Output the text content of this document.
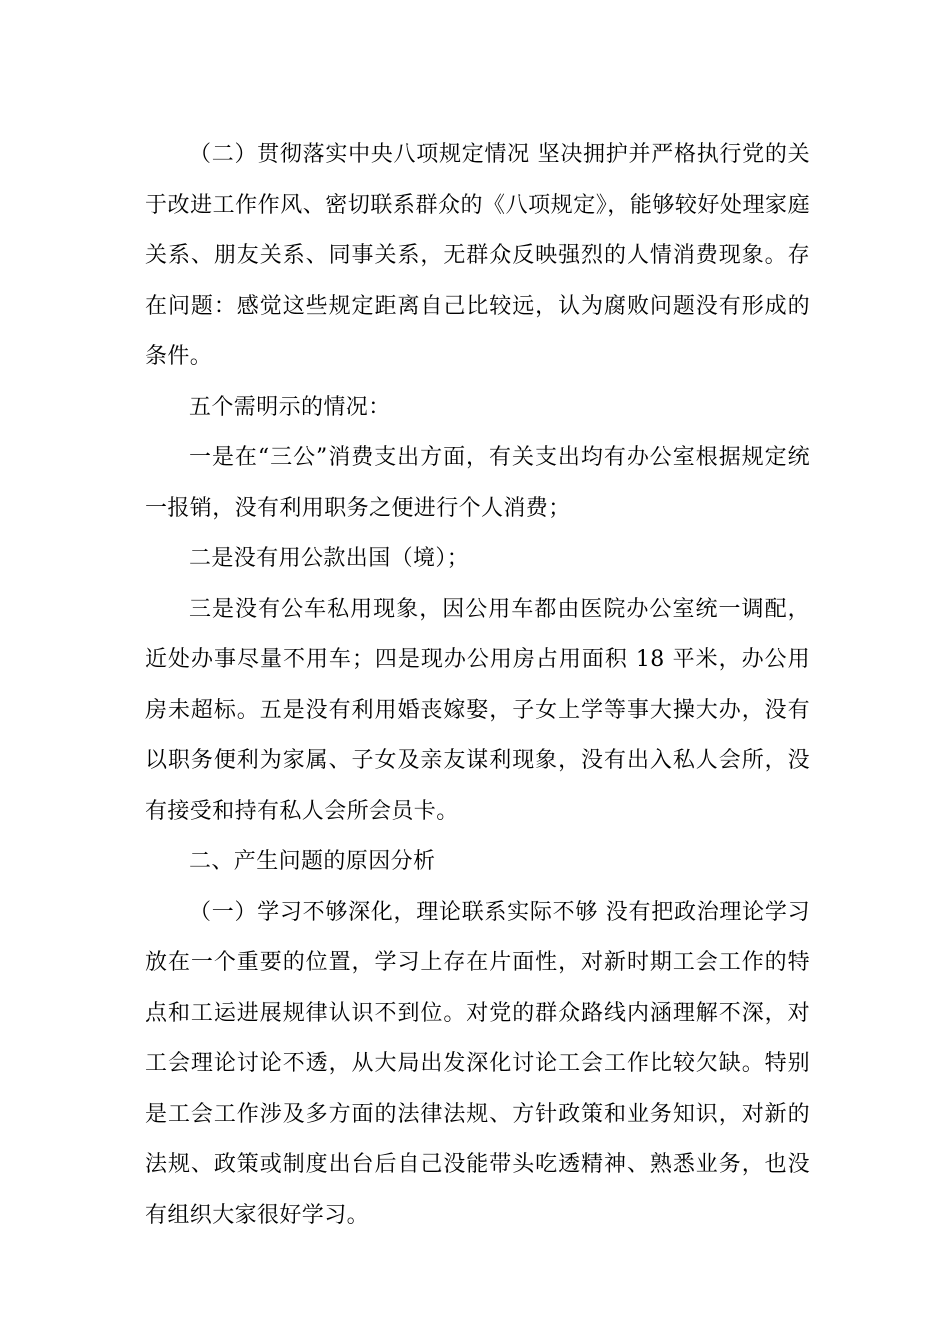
（二）贯彻落实中央八项规定情况 坚决拥护并严格执行党的关于改进工作作风、密切联系群众的《八项规定》，能够较好处理家庭关系、朋友关系、同事关系，无群众反映强烈的人情消费现象。存在问题：感觉这些规定距离自己比较远，认为腐败问题没有形成的条件。

五个需明示的情况：

一是在“三公”消费支出方面，有关支出均有办公室根据规定统一报销，没有利用职务之便进行个人消费；

二是没有用公款出国（境）；

三是没有公车私用现象，因公用车都由医院办公室统一调配，近处办事尽量不用车；四是现办公用房占用面积 18 平米，办公用房未超标。五是没有利用婚丧嫁娶，子女上学等事大操大办，没有以职务便利为家属、子女及亲友谋利现象，没有出入私人会所，没有接受和持有私人会所会员卡。

二、产生问题的原因分析

（一）学习不够深化，理论联系实际不够 没有把政治理论学习放在一个重要的位置，学习上存在片面性，对新时期工会工作的特点和工运进展规律认识不到位。对党的群众路线内涵理解不深，对工会理论讨论不透，从大局出发深化讨论工会工作比较欠缺。特别是工会工作涉及多方面的法律法规、方针政策和业务知识，对新的法规、政策或制度出台后自己没能带头吃透精神、熟悉业务，也没有组织大家很好学习。
